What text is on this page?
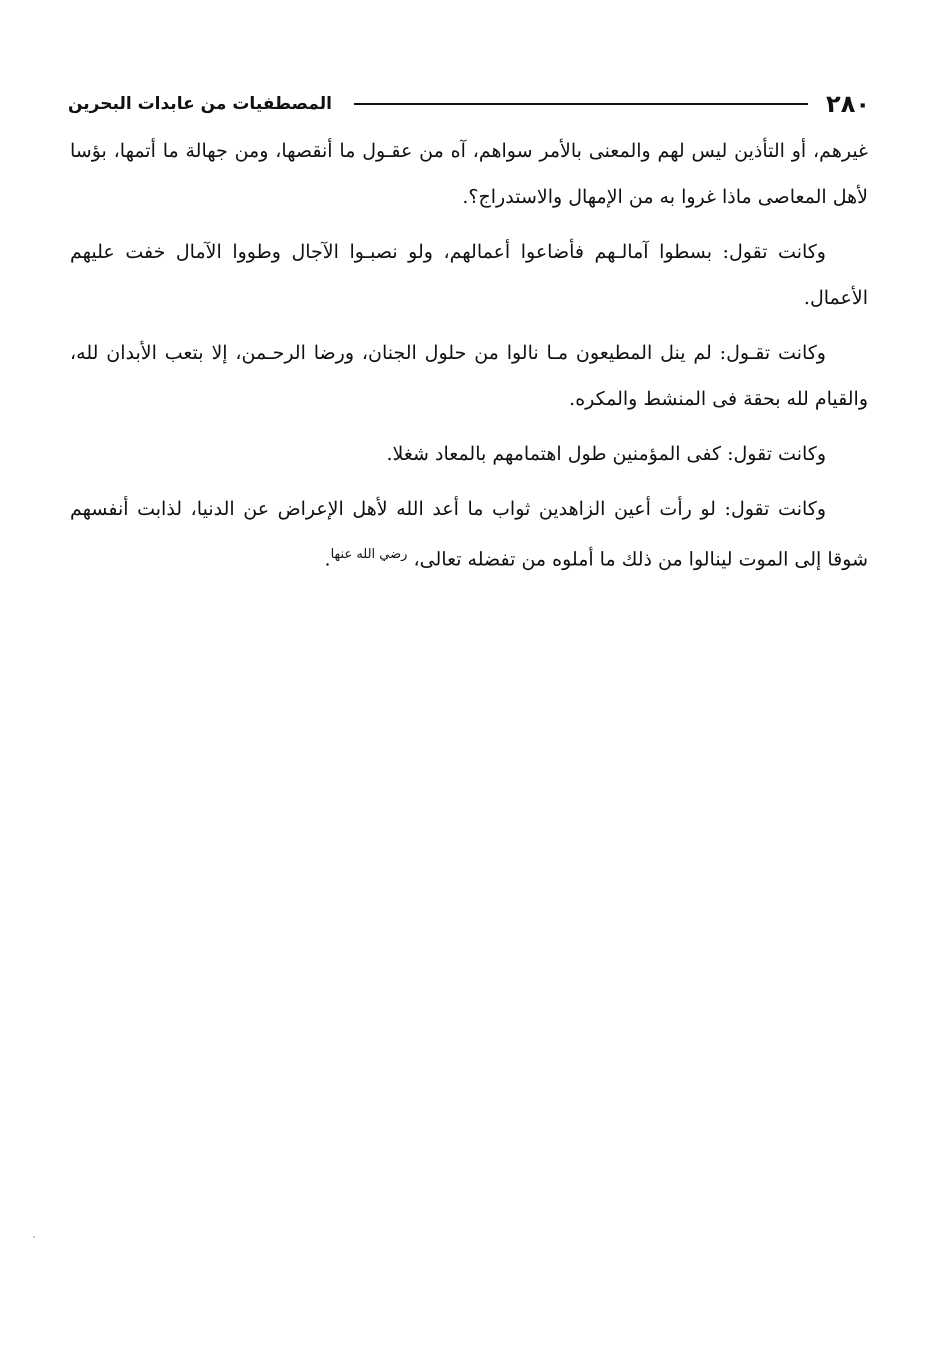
٢٨٠
المصطفيات من عابدات البحرين

غيرهم، أو التأذين ليس لهم والمعنى بالأمر سواهم، آه من عقـول ما أنقصها، ومن جهالة ما أتمها، بؤسا لأهل المعاصى ماذا غروا به من الإمهال والاستدراج؟.

وكانت تقول: بسطوا آمالـهم فأضاعوا أعمالهم، ولو نصبـوا الآجال وطووا الآمال خفت عليهم الأعمال.

وكانت تقـول: لم ينل المطيعون مـا نالوا من حلول الجنان، ورضا الرحـمن، إلا بتعب الأبدان لله، والقيام لله بحقة فى المنشط والمكره.

وكانت تقول: كفى المؤمنين طول اهتمامهم بالمعاد شغلا.

وكانت تقول: لو رأت أعين الزاهدين ثواب ما أعد الله لأهل الإعراض عن الدنيا، لذابت أنفسهم شوقا إلى الموت لينالوا من ذلك ما أملوه من تفضله تعالى، $^{رضي الله عنها}$.
